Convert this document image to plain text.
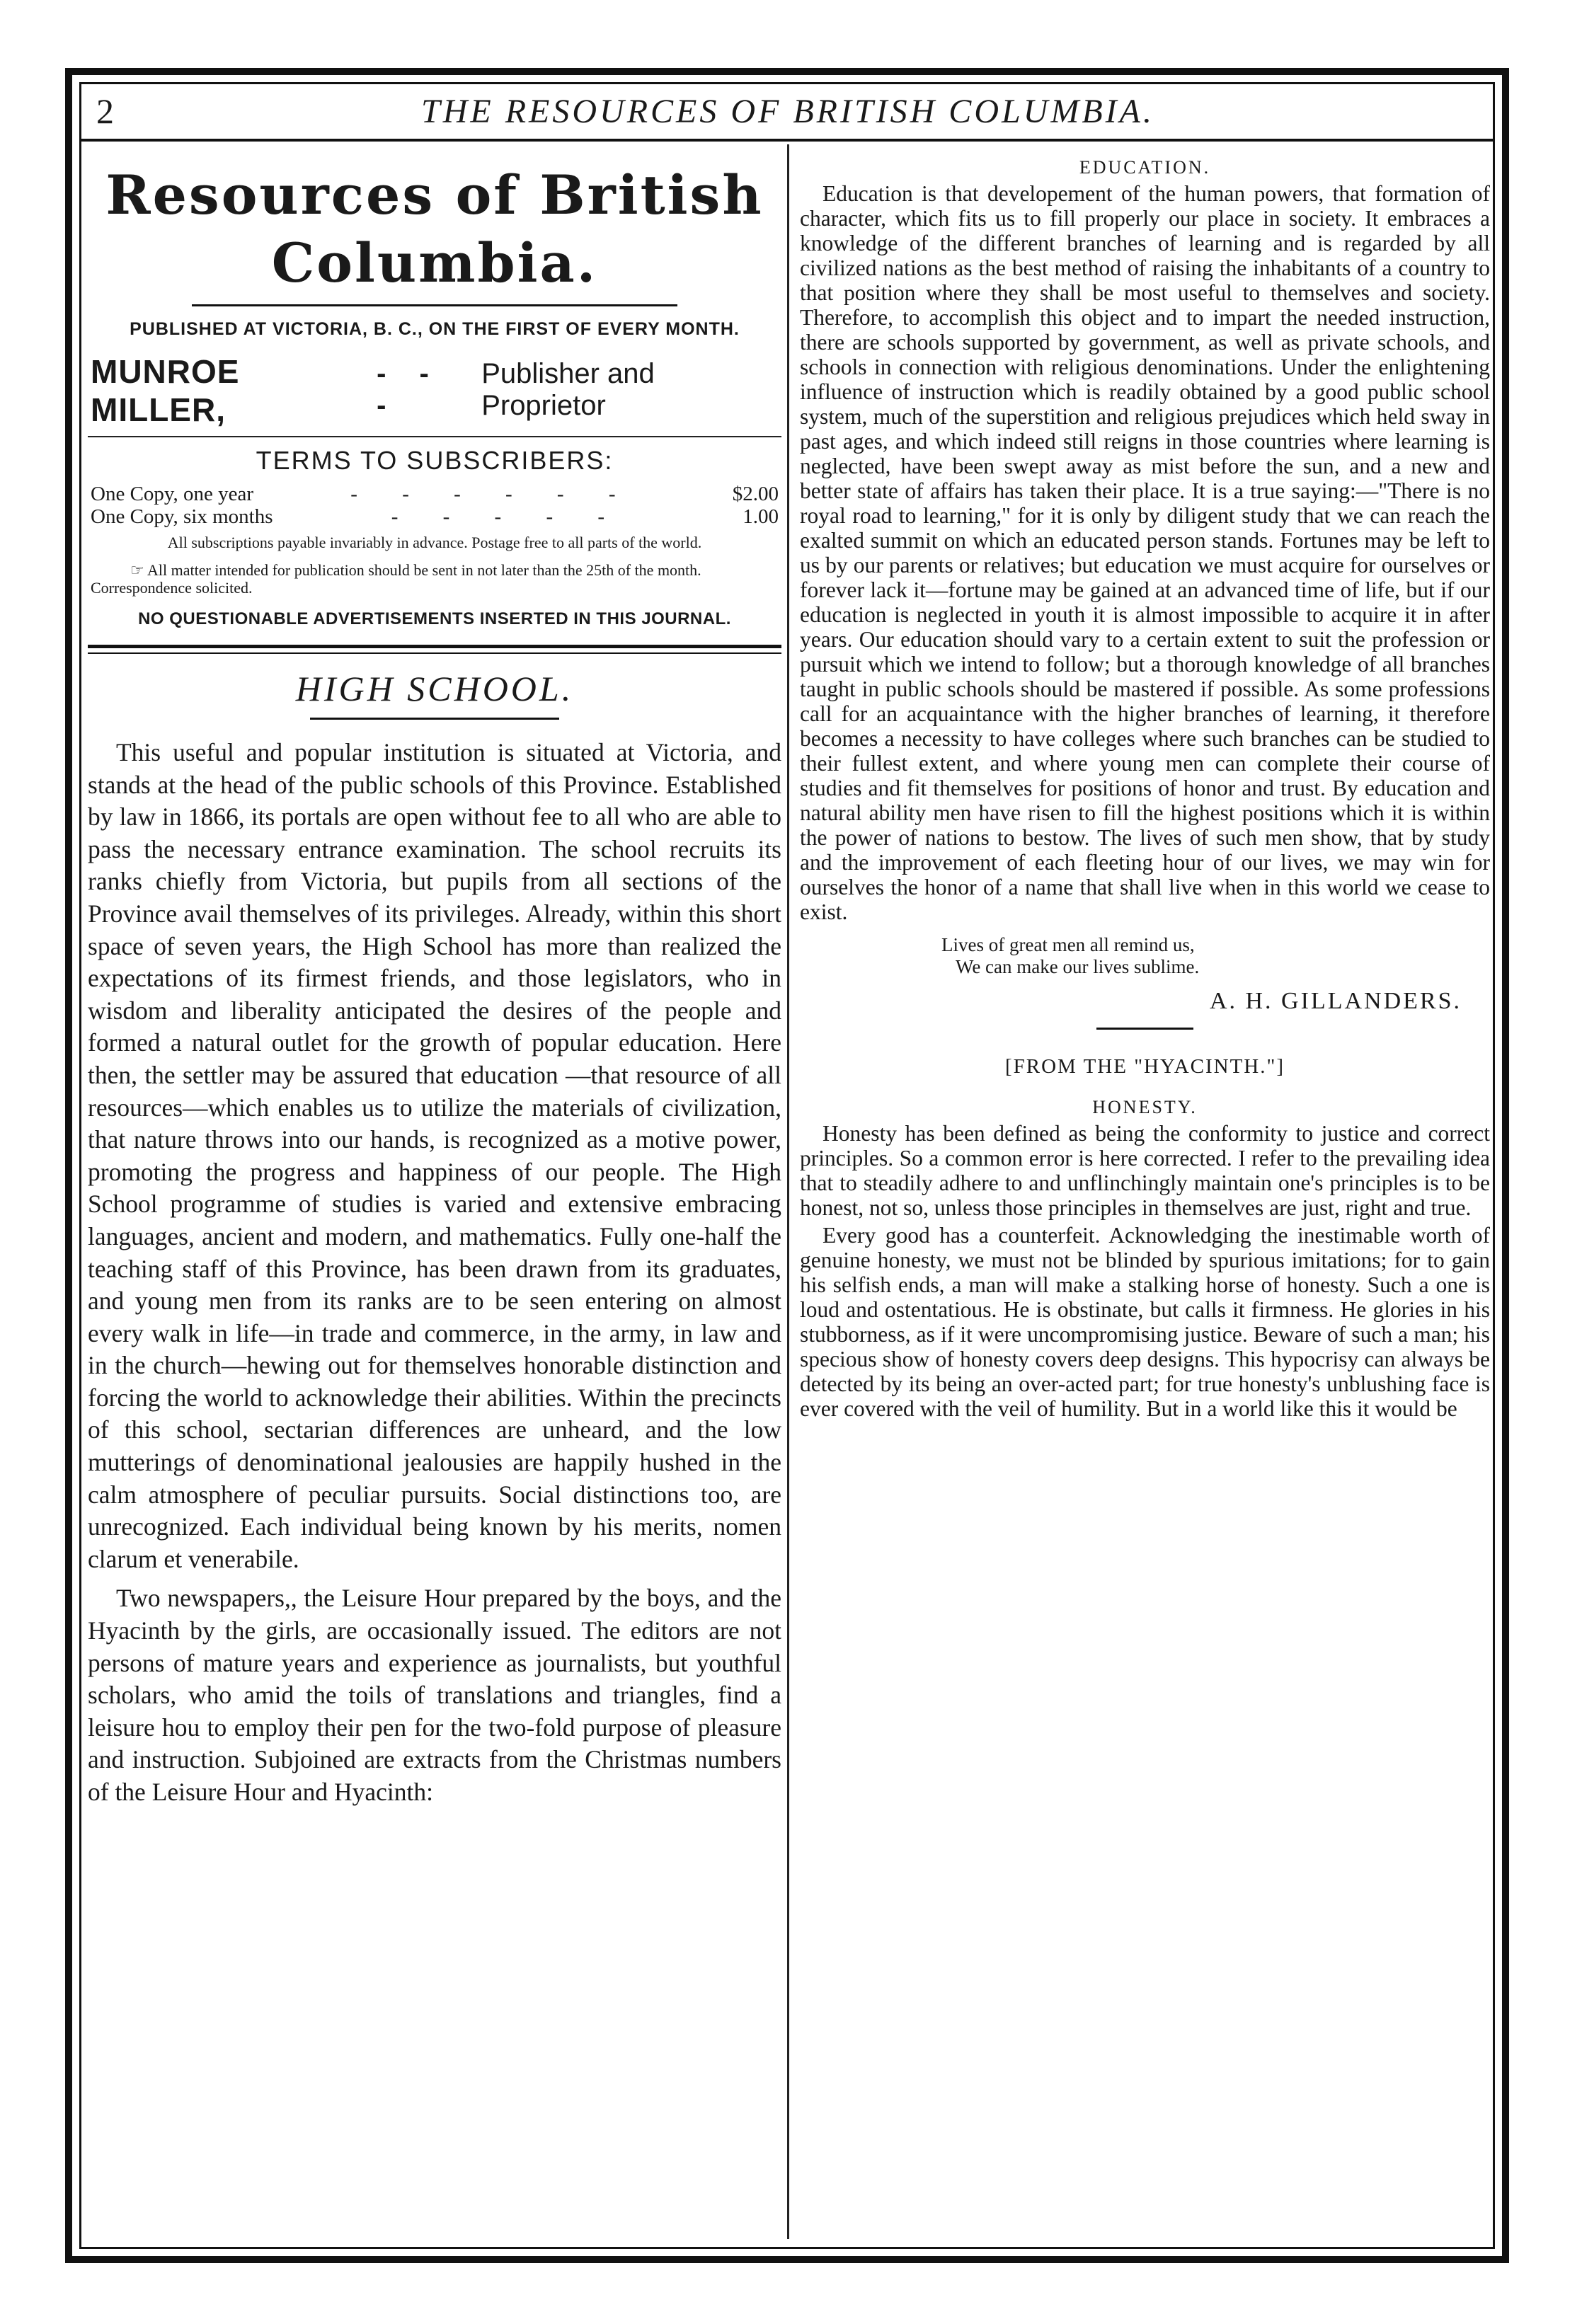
2	THE RESOURCES OF BRITISH COLUMBIA.
Resources of British Columbia.
PUBLISHED AT VICTORIA, B. C., ON THE FIRST OF EVERY MONTH.
MUNROE MILLER,
- - -
Publisher and Proprietor
TERMS TO SUBSCRIBERS:
One Copy, one year	- - - - - -	$2.00
One Copy, six months	- - - - -	1.00
All subscriptions payable invariably in advance. Postage free to all parts of the world.
☞ All matter intended for publication should be sent in not later than the 25th of the month. Correspondence solicited.
NO QUESTIONABLE ADVERTISEMENTS INSERTED IN THIS JOURNAL.
HIGH SCHOOL.

This useful and popular institution is situated at Victoria, and stands at the head of the public schools of this Province. Established by law in 1866, its portals are open without fee to all who are able to pass the necessary entrance examination. The school recruits its ranks chiefly from Victoria, but pupils from all sections of the Province avail themselves of its privileges. Already, within this short space of seven years, the High School has more than realized the expectations of its firmest friends, and those legislators, who in wisdom and liberality anticipated the desires of the people and formed a natural outlet for the growth of popular education. Here then, the settler may be assured that education —that resource of all resources—which enables us to utilize the materials of civilization, that nature throws into our hands, is recognized as a motive power, promoting the progress and happiness of our people. The High School programme of studies is varied and extensive embracing languages, ancient and modern, and mathematics. Fully one-half the teaching staff of this Province, has been drawn from its graduates, and young men from its ranks are to be seen entering on almost every walk in life—in trade and commerce, in the army, in law and in the church—hewing out for themselves honorable distinction and forcing the world to acknowledge their abilities. Within the precincts of this school, sectarian differences are unheard, and the low mutterings of denominational jealousies are happily hushed in the calm atmosphere of peculiar pursuits. Social distinctions too, are unrecognized. Each individual being known by his merits, nomen clarum et venerabile.

Two newspapers,, the Leisure Hour prepared by the boys, and the Hyacinth by the girls, are occasionally issued. The editors are not persons of mature years and experience as journalists, but youthful scholars, who amid the toils of translations and triangles, find a leisure hou to employ their pen for the two-fold purpose of pleasure and instruction. Subjoined are extracts from the Christmas numbers of the Leisure Hour and Hyacinth:

EDUCATION.

Education is that developement of the human powers, that formation of character, which fits us to fill properly our place in society. It embraces a knowledge of the different branches of learning and is regarded by all civilized nations as the best method of raising the inhabitants of a country to that position where they shall be most useful to themselves and society. Therefore, to accomplish this object and to impart the needed instruction, there are schools supported by government, as well as private schools, and schools in connection with religious denominations. Under the enlightening influence of instruction which is readily obtained by a good public school system, much of the superstition and religious prejudices which held sway in past ages, and which indeed still reigns in those countries where learning is neglected, have been swept away as mist before the sun, and a new and better state of affairs has taken their place. It is a true saying:—"There is no royal road to learning," for it is only by diligent study that we can reach the exalted summit on which an educated person stands. Fortunes may be left to us by our parents or relatives; but education we must acquire for ourselves or forever lack it—fortune may be gained at an advanced time of life, but if our education is neglected in youth it is almost impossible to acquire it in after years. Our education should vary to a certain extent to suit the profession or pursuit which we intend to follow; but a thorough knowledge of all branches taught in public schools should be mastered if possible. As some professions call for an acquaintance with the higher branches of learning, it therefore becomes a necessity to have colleges where such branches can be studied to their fullest extent, and where young men can complete their course of studies and fit themselves for positions of honor and trust. By education and natural ability men have risen to fill the highest positions which it is within the power of nations to bestow. The lives of such men show, that by study and the improvement of each fleeting hour of our lives, we may win for ourselves the honor of a name that shall live when in this world we cease to exist.

Lives of great men all remind us,
We can make our lives sublime.
A. H. GILLANDERS.
[FROM THE "HYACINTH."]
HONESTY.

Honesty has been defined as being the conformity to justice and correct principles. So a common error is here corrected. I refer to the prevailing idea that to steadily adhere to and unflinchingly maintain one's principles is to be honest, not so, unless those principles in themselves are just, right and true.

Every good has a counterfeit. Acknowledging the inestimable worth of genuine honesty, we must not be blinded by spurious imitations; for to gain his selfish ends, a man will make a stalking horse of honesty. Such a one is loud and ostentatious. He is obstinate, but calls it firmness. He glories in his stubborness, as if it were uncompromising justice. Beware of such a man; his specious show of honesty covers deep designs. This hypocrisy can always be detected by its being an over-acted part; for true honesty's unblushing face is ever covered with the veil of humility. But in a world like this it would be
